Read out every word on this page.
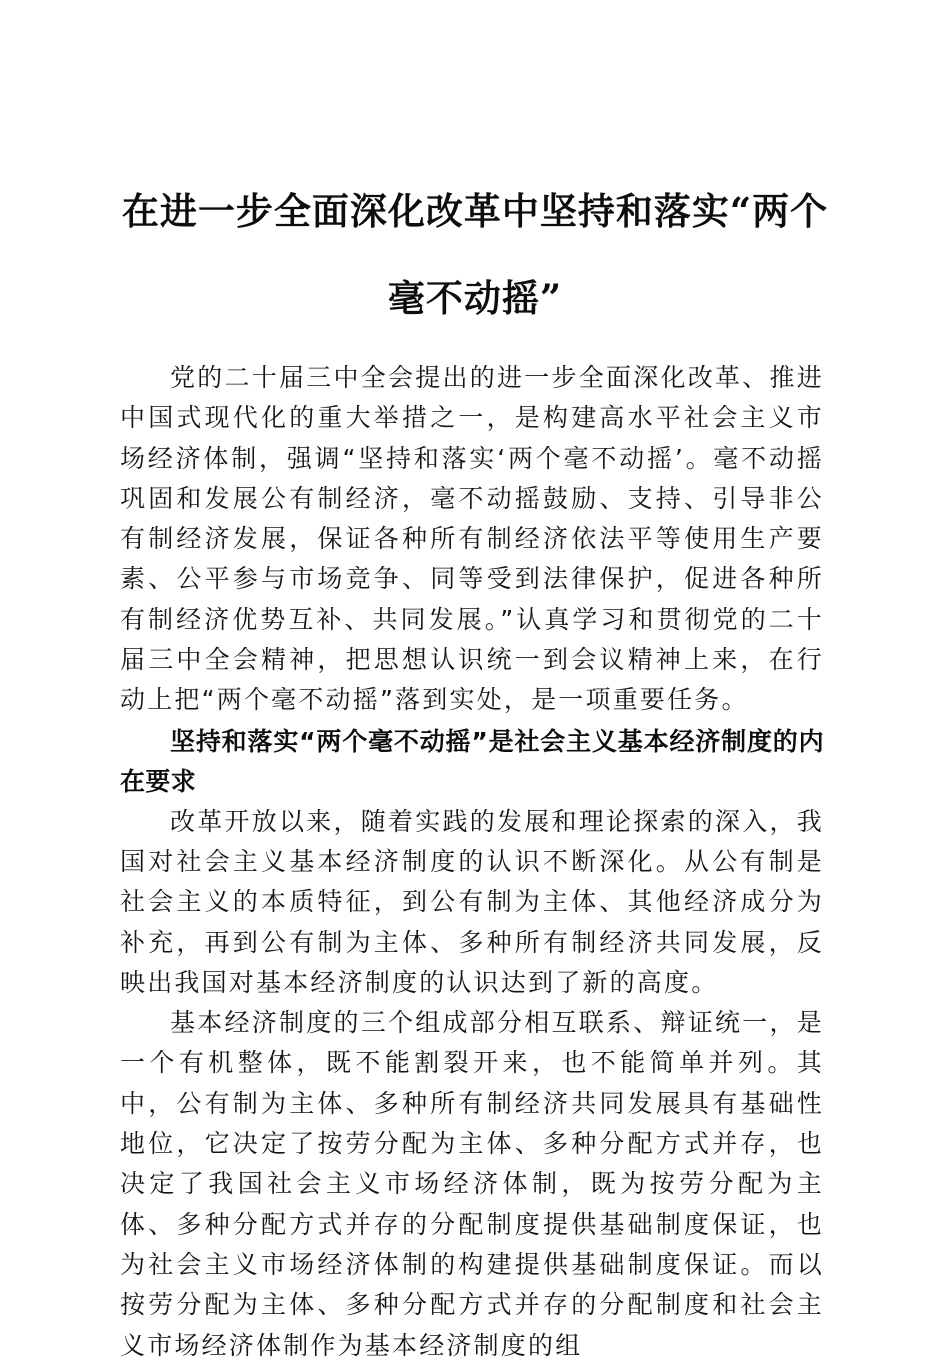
在进一步全面深化改革中坚持和落实“两个毫不动摇”

党的二十届三中全会提出的进一步全面深化改革、推进中国式现代化的重大举措之一，是构建高水平社会主义市场经济体制，强调“坚持和落实‘两个毫不动摇’。毫不动摇巩固和发展公有制经济，毫不动摇鼓励、支持、引导非公有制经济发展，保证各种所有制经济依法平等使用生产要素、公平参与市场竞争、同等受到法律保护，促进各种所有制经济优势互补、共同发展。”认真学习和贯彻党的二十届三中全会精神，把思想认识统一到会议精神上来，在行动上把“两个毫不动摇”落到实处，是一项重要任务。

坚持和落实“两个毫不动摇”是社会主义基本经济制度的内在要求

改革开放以来，随着实践的发展和理论探索的深入，我国对社会主义基本经济制度的认识不断深化。从公有制是社会主义的本质特征，到公有制为主体、其他经济成分为补充，再到公有制为主体、多种所有制经济共同发展，反映出我国对基本经济制度的认识达到了新的高度。

基本经济制度的三个组成部分相互联系、辩证统一，是一个有机整体，既不能割裂开来，也不能简单并列。其中，公有制为主体、多种所有制经济共同发展具有基础性地位，它决定了按劳分配为主体、多种分配方式并存，也决定了我国社会主义市场经济体制，既为按劳分配为主体、多种分配方式并存的分配制度提供基础制度保证，也为社会主义市场经济体制的构建提供基础制度保证。而以按劳分配为主体、多种分配方式并存的分配制度和社会主义市场经济体制作为基本经济制度的组
